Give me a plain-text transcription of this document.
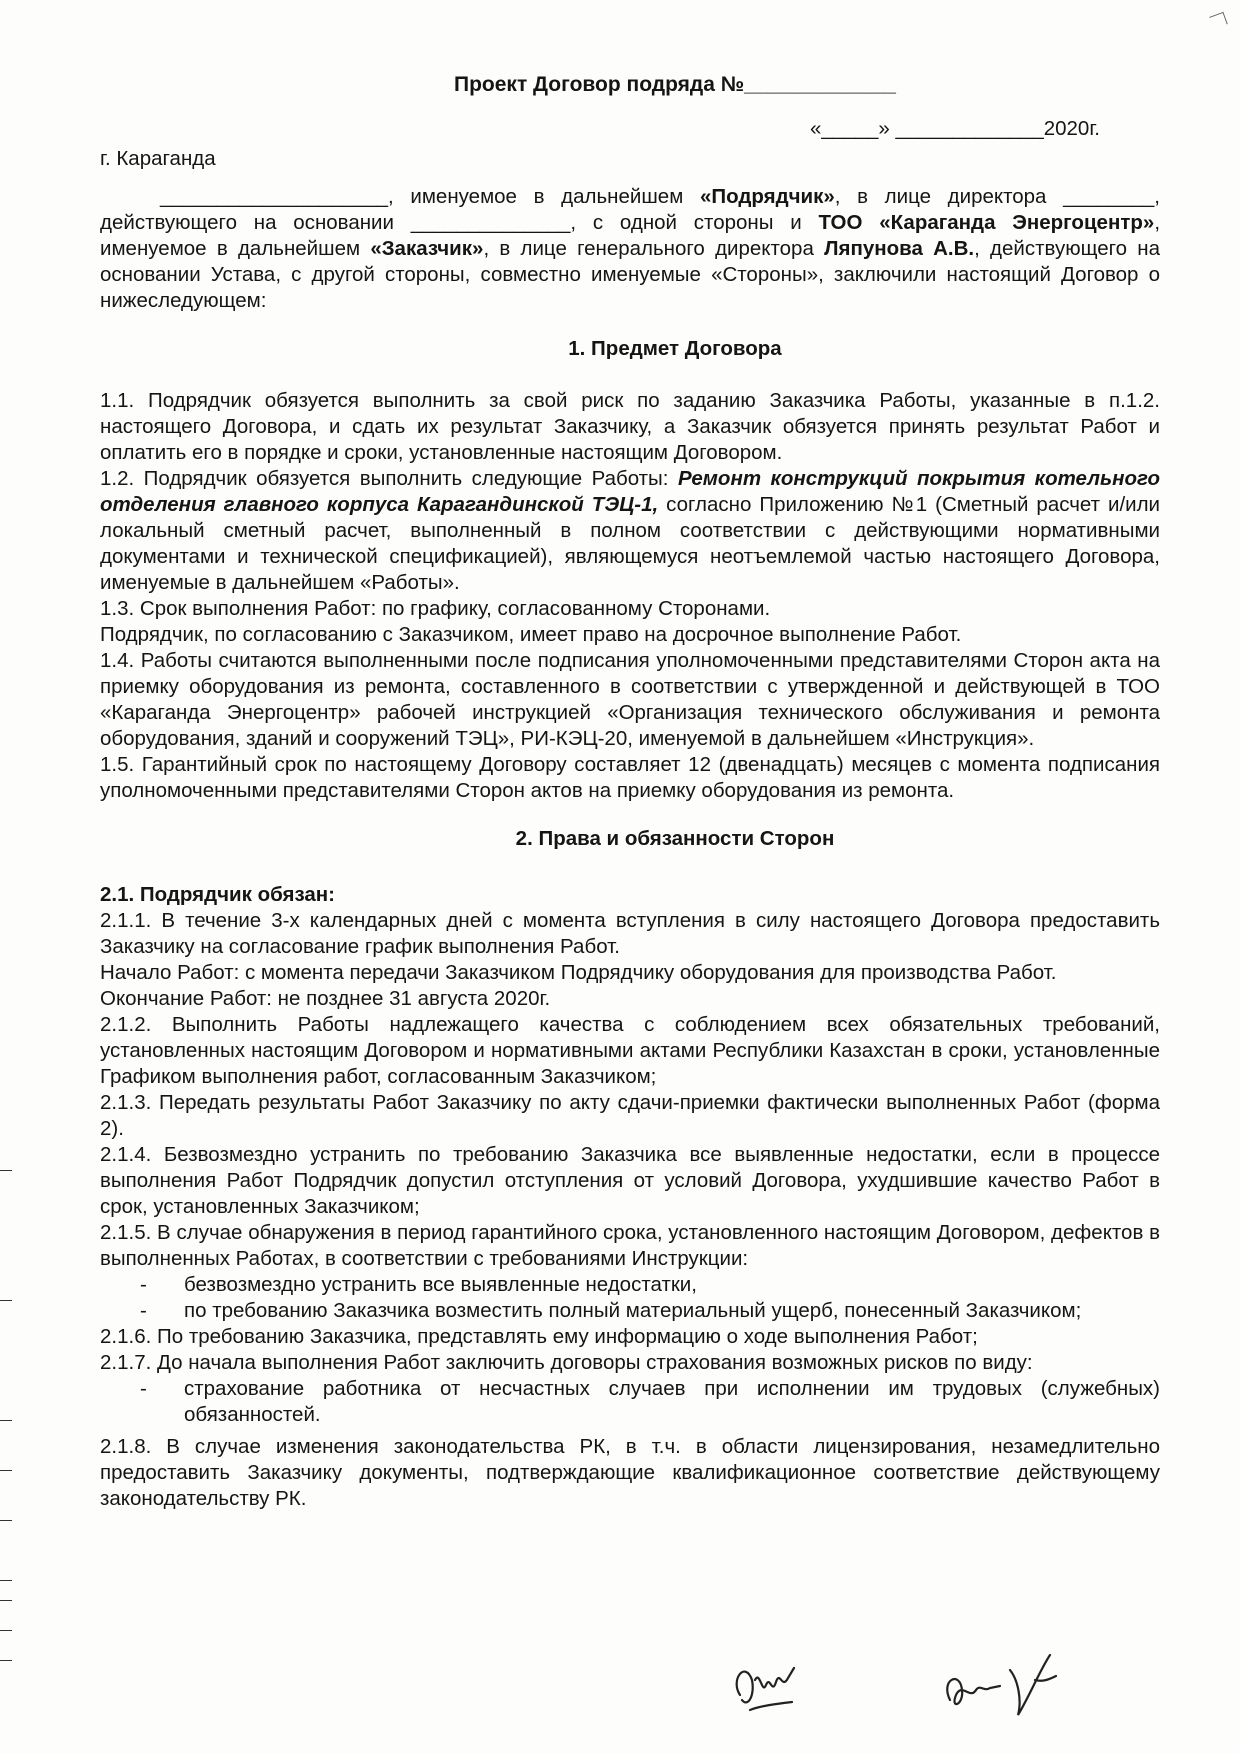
Проект Договор подряда №_____________
«_____» _____________2020г.
г. Караганда

____________________, именуемое в дальнейшем «Подрядчик», в лице директора ________, действующего на основании ______________, с одной стороны и ТОО «Караганда Энергоцентр», именуемое в дальнейшем «Заказчик», в лице генерального директора Ляпунова А.В., действующего на основании Устава, с другой стороны, совместно именуемые «Стороны», заключили настоящий Договор о нижеследующем:

1. Предмет Договора

1.1. Подрядчик обязуется выполнить за свой риск по заданию Заказчика Работы, указанные в п.1.2. настоящего Договора, и сдать их результат Заказчику, а Заказчик обязуется принять результат Работ и оплатить его в порядке и сроки, установленные настоящим Договором.

1.2. Подрядчик обязуется выполнить следующие Работы: Ремонт конструкций покрытия котельного отделения главного корпуса Карагандинской ТЭЦ-1, согласно Приложению №1 (Сметный расчет и/или локальный сметный расчет, выполненный в полном соответствии с действующими нормативными документами и технической спецификацией), являющемуся неотъемлемой частью настоящего Договора, именуемые в дальнейшем «Работы».

1.3. Срок выполнения Работ: по графику, согласованному Сторонами.

Подрядчик, по согласованию с Заказчиком, имеет право на досрочное выполнение Работ.

1.4. Работы считаются выполненными после подписания уполномоченными представителями Сторон акта на приемку оборудования из ремонта, составленного в соответствии с утвержденной и действующей в ТОО «Караганда Энергоцентр» рабочей инструкцией «Организация технического обслуживания и ремонта оборудования, зданий и сооружений ТЭЦ», РИ-КЭЦ-20, именуемой в дальнейшем «Инструкция».

1.5. Гарантийный срок по настоящему Договору составляет 12 (двенадцать) месяцев с момента подписания уполномоченными представителями Сторон актов на приемку оборудования из ремонта.

2. Права и обязанности Сторон
2.1. Подрядчик обязан:

2.1.1. В течение 3-х календарных дней с момента вступления в силу настоящего Договора предоставить Заказчику на согласование график выполнения Работ.

Начало Работ: с момента передачи Заказчиком Подрядчику оборудования для производства Работ.

Окончание Работ: не позднее 31 августа 2020г.

2.1.2. Выполнить Работы надлежащего качества с соблюдением всех обязательных требований, установленных настоящим Договором и нормативными актами Республики Казахстан в сроки, установленные Графиком выполнения работ, согласованным Заказчиком;

2.1.3. Передать результаты Работ Заказчику по акту сдачи-приемки фактически выполненных Работ (форма 2).

2.1.4. Безвозмездно устранить по требованию Заказчика все выявленные недостатки, если в процессе выполнения Работ Подрядчик допустил отступления от условий Договора, ухудшившие качество Работ в срок, установленных Заказчиком;

2.1.5. В случае обнаружения в период гарантийного срока, установленного настоящим Договором, дефектов в выполненных Работах, в соответствии с требованиями Инструкции:

- безвозмездно устранить все выявленные недостатки,

- по требованию Заказчика возместить полный материальный ущерб, понесенный Заказчиком;

2.1.6. По требованию Заказчика, представлять ему информацию о ходе выполнения Работ;

2.1.7. До начала выполнения Работ заключить договоры страхования возможных рисков по виду:

- страхование работника от несчастных случаев при исполнении им трудовых (служебных) обязанностей.

2.1.8. В случае изменения законодательства РК, в т.ч. в области лицензирования, незамедлительно предоставить Заказчику документы, подтверждающие квалификационное соответствие действующему законодательству РК.
